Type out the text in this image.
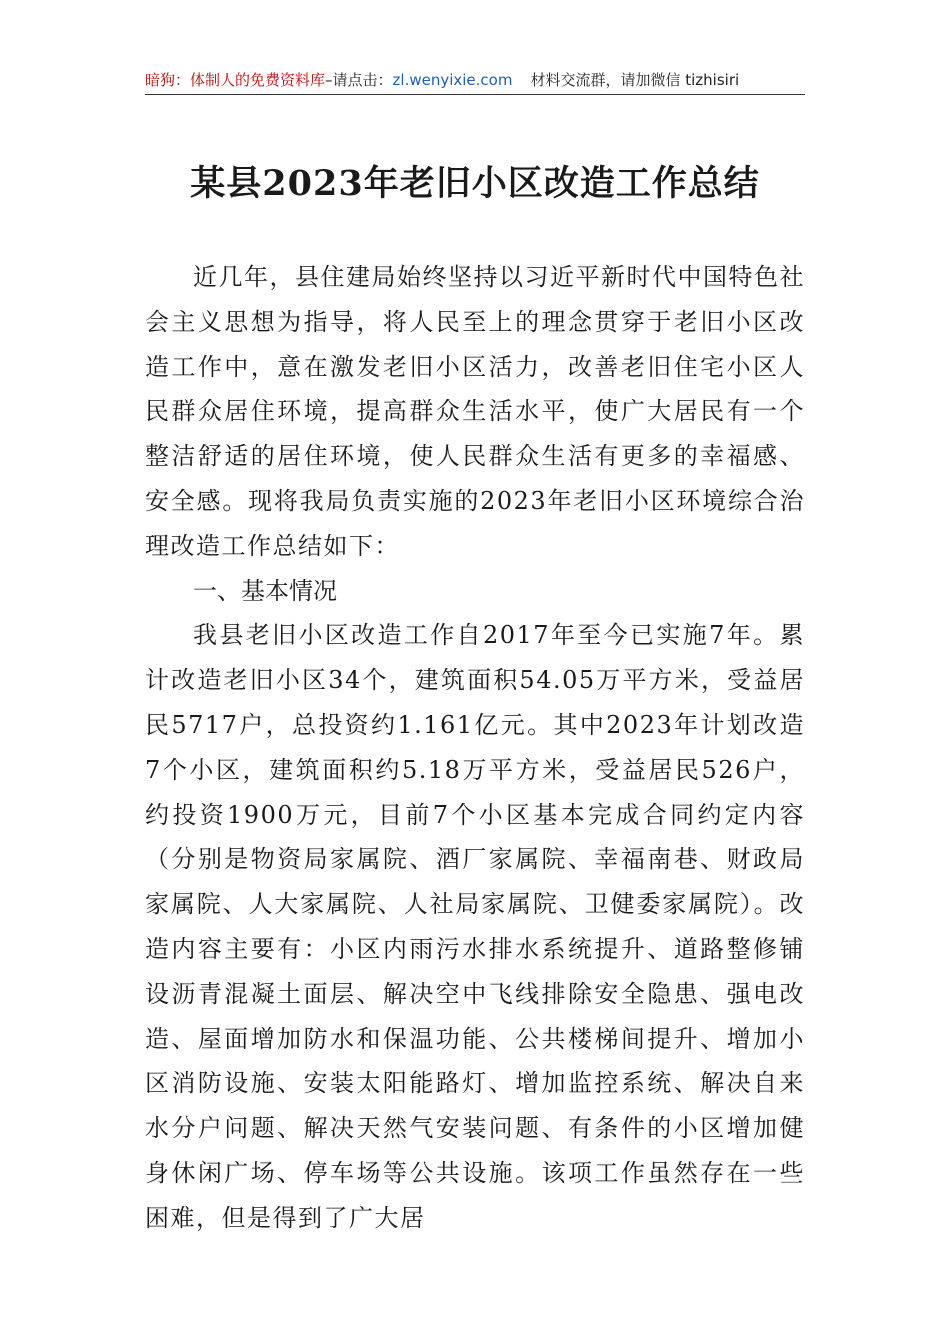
暗狗：体制人的免费资料库–请点击：zl.wenyixie.com 材料交流群，请加微信 tizhisiri
某县2023年老旧小区改造工作总结

近几年，县住建局始终坚持以习近平新时代中国特色社会主义思想为指导，将人民至上的理念贯穿于老旧小区改造工作中，意在激发老旧小区活力，改善老旧住宅小区人民群众居住环境，提高群众生活水平，使广大居民有一个整洁舒适的居住环境，使人民群众生活有更多的幸福感、安全感。现将我局负责实施的2023年老旧小区环境综合治理改造工作总结如下：

一、基本情况

我县老旧小区改造工作自2017年至今已实施7年。累计改造老旧小区34个，建筑面积54.05万平方米，受益居民5717户，总投资约1.161亿元。其中2023年计划改造7个小区，建筑面积约5.18万平方米，受益居民526户，约投资1900万元，目前7个小区基本完成合同约定内容（分别是物资局家属院、酒厂家属院、幸福南巷、财政局家属院、人大家属院、人社局家属院、卫健委家属院）。改造内容主要有：小区内雨污水排水系统提升、道路整修铺设沥青混凝土面层、解决空中飞线排除安全隐患、强电改造、屋面增加防水和保温功能、公共楼梯间提升、增加小区消防设施、安装太阳能路灯、增加监控系统、解决自来水分户问题、解决天然气安装问题、有条件的小区增加健身休闲广场、停车场等公共设施。该项工作虽然存在一些困难，但是得到了广大居
